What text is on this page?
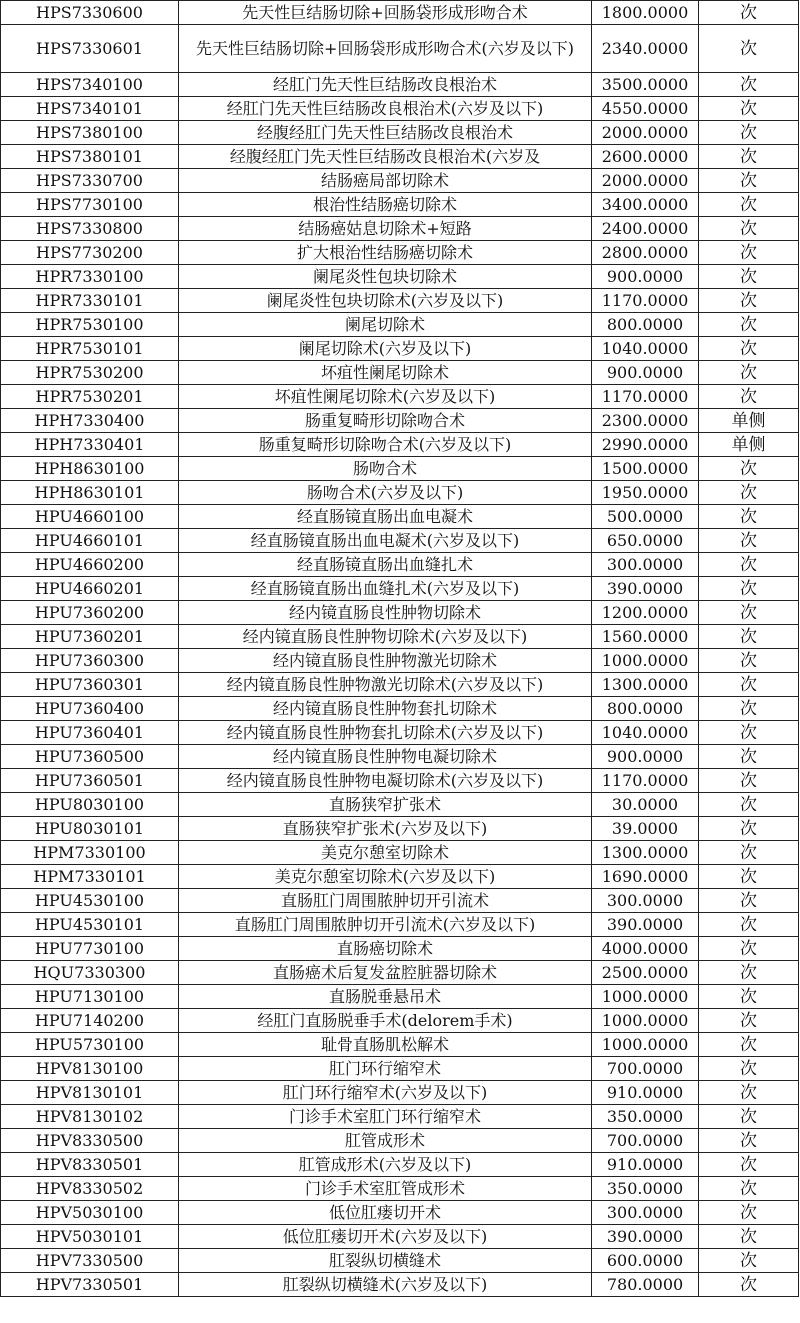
HPS7330600	先天性巨结肠切除+回肠袋形成形吻合术	1800.0000	次
HPS7330601	先天性巨结肠切除+回肠袋形成形吻合术(六岁及以下)	2340.0000	次
HPS7340100	经肛门先天性巨结肠改良根治术	3500.0000	次
HPS7340101	经肛门先天性巨结肠改良根治术(六岁及以下)	4550.0000	次
HPS7380100	经腹经肛门先天性巨结肠改良根治术	2000.0000	次
HPS7380101	经腹经肛门先天性巨结肠改良根治术(六岁及	2600.0000	次
HPS7330700	结肠癌局部切除术	2000.0000	次
HPS7730100	根治性结肠癌切除术	3400.0000	次
HPS7330800	结肠癌姑息切除术+短路	2400.0000	次
HPS7730200	扩大根治性结肠癌切除术	2800.0000	次
HPR7330100	阑尾炎性包块切除术	900.0000	次
HPR7330101	阑尾炎性包块切除术(六岁及以下)	1170.0000	次
HPR7530100	阑尾切除术	800.0000	次
HPR7530101	阑尾切除术(六岁及以下)	1040.0000	次
HPR7530200	坏疽性阑尾切除术	900.0000	次
HPR7530201	坏疽性阑尾切除术(六岁及以下)	1170.0000	次
HPH7330400	肠重复畸形切除吻合术	2300.0000	单侧
HPH7330401	肠重复畸形切除吻合术(六岁及以下)	2990.0000	单侧
HPH8630100	肠吻合术	1500.0000	次
HPH8630101	肠吻合术(六岁及以下)	1950.0000	次
HPU4660100	经直肠镜直肠出血电凝术	500.0000	次
HPU4660101	经直肠镜直肠出血电凝术(六岁及以下)	650.0000	次
HPU4660200	经直肠镜直肠出血缝扎术	300.0000	次
HPU4660201	经直肠镜直肠出血缝扎术(六岁及以下)	390.0000	次
HPU7360200	经内镜直肠良性肿物切除术	1200.0000	次
HPU7360201	经内镜直肠良性肿物切除术(六岁及以下)	1560.0000	次
HPU7360300	经内镜直肠良性肿物激光切除术	1000.0000	次
HPU7360301	经内镜直肠良性肿物激光切除术(六岁及以下)	1300.0000	次
HPU7360400	经内镜直肠良性肿物套扎切除术	800.0000	次
HPU7360401	经内镜直肠良性肿物套扎切除术(六岁及以下)	1040.0000	次
HPU7360500	经内镜直肠良性肿物电凝切除术	900.0000	次
HPU7360501	经内镜直肠良性肿物电凝切除术(六岁及以下)	1170.0000	次
HPU8030100	直肠狭窄扩张术	30.0000	次
HPU8030101	直肠狭窄扩张术(六岁及以下)	39.0000	次
HPM7330100	美克尔憩室切除术	1300.0000	次
HPM7330101	美克尔憩室切除术(六岁及以下)	1690.0000	次
HPU4530100	直肠肛门周围脓肿切开引流术	300.0000	次
HPU4530101	直肠肛门周围脓肿切开引流术(六岁及以下)	390.0000	次
HPU7730100	直肠癌切除术	4000.0000	次
HQU7330300	直肠癌术后复发盆腔脏器切除术	2500.0000	次
HPU7130100	直肠脱垂悬吊术	1000.0000	次
HPU7140200	经肛门直肠脱垂手术(delorem手术)	1000.0000	次
HPU5730100	耻骨直肠肌松解术	1000.0000	次
HPV8130100	肛门环行缩窄术	700.0000	次
HPV8130101	肛门环行缩窄术(六岁及以下)	910.0000	次
HPV8130102	门诊手术室肛门环行缩窄术	350.0000	次
HPV8330500	肛管成形术	700.0000	次
HPV8330501	肛管成形术(六岁及以下)	910.0000	次
HPV8330502	门诊手术室肛管成形术	350.0000	次
HPV5030100	低位肛瘘切开术	300.0000	次
HPV5030101	低位肛瘘切开术(六岁及以下)	390.0000	次
HPV7330500	肛裂纵切横缝术	600.0000	次
HPV7330501	肛裂纵切横缝术(六岁及以下)	780.0000	次
